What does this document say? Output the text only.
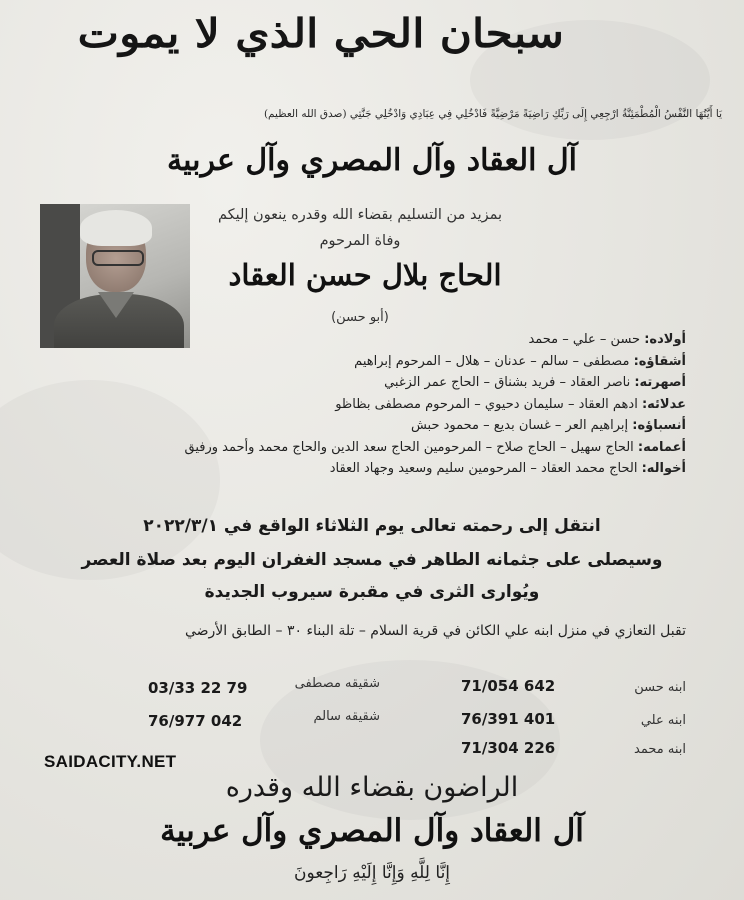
سبحان الحي الذي لا يموت
يَا أَيَّتُهَا النَّفْسُ الْمُطْمَئِنَّةُ ارْجِعِي إِلَى رَبِّكِ رَاضِيَةً مَرْضِيَّةً فَادْخُلِي فِي عِبَادِي وَادْخُلِي جَنَّتِي (صدق الله العظيم)
آل العقاد وآل المصري وآل عربية
بمزيد من التسليم بقضاء الله وقدره ينعون إليكم
وفاة المرحوم
الحاج بلال حسن العقاد
(أبو حسن)
أولاده: حسن – علي – محمد
أشقاؤه: مصطفى – سالم – عدنان – هلال – المرحوم إبراهيم
أصهرته: ناصر العقاد – فريد بشناق – الحاج عمر الزغبي
عدلائه: ادهم العقاد – سليمان دحيوي – المرحوم مصطفى بظاظو
أنسباؤه: إبراهيم العر – غسان بديع – محمود حبش
أعمامه: الحاج سهيل – الحاج صلاح – المرحومين الحاج سعد الدين والحاج محمد وأحمد ورفيق
أخواله: الحاج محمد العقاد – المرحومين سليم وسعيد وجهاد العقاد
انتقل إلى رحمته تعالى يوم الثلاثاء الواقع في ٢٠٢٢/٣/١
وسيصلى على جثمانه الطاهر في مسجد الغفران اليوم بعد صلاة العصر
ويُوارى الثرى في مقبرة سيروب الجديدة
تقبل التعازي في منزل ابنه علي الكائن في قرية السلام – تلة البناء ٣٠ – الطابق الأرضي
ابنه حسن
71/054 642
ابنه علي
76/391 401
ابنه محمد
71/304 226
شقيقه مصطفى
03/33 22 79
شقيقه سالم
76/977 042
SAIDACITY.NET
الراضون بقضاء الله وقدره
آل العقاد وآل المصري وآل عربية
إِنَّا لِلَّهِ وَإِنَّا إِلَيْهِ رَاجِعونَ
